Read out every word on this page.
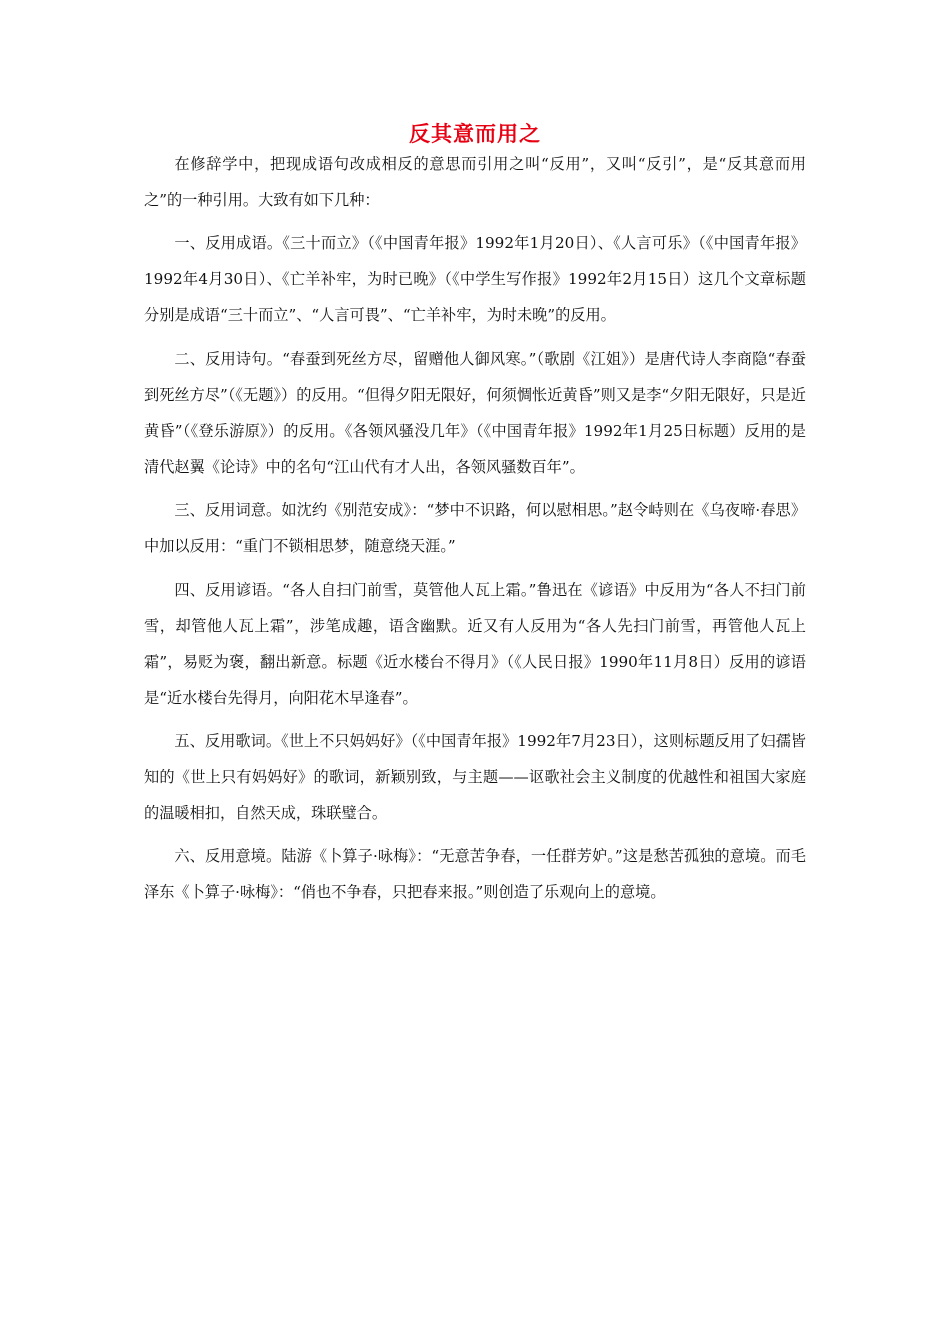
反其意而用之

在修辞学中，把现成语句改成相反的意思而引用之叫“反用”，又叫“反引”，是“反其意而用之”的一种引用。大致有如下几种：

一、反用成语。《三十而立》（《中国青年报》1992年1月20日）、《人言可乐》（《中国青年报》1992年4月30日）、《亡羊补牢，为时已晚》（《中学生写作报》1992年2月15日）这几个文章标题分别是成语“三十而立”、“人言可畏”、“亡羊补牢，为时未晚”的反用。

二、反用诗句。“春蚕到死丝方尽，留赠他人御风寒。”（歌剧《江姐》）是唐代诗人李商隐“春蚕到死丝方尽”（《无题》）的反用。“但得夕阳无限好，何须惆怅近黄昏”则又是李“夕阳无限好，只是近黄昏”（《登乐游原》）的反用。《各领风骚没几年》（《中国青年报》1992年1月25日标题）反用的是清代赵翼《论诗》中的名句“江山代有才人出，各领风骚数百年”。

三、反用词意。如沈约《别范安成》：“梦中不识路，何以慰相思。”赵令峙则在《乌夜啼·春思》中加以反用：“重门不锁相思梦，随意绕天涯。”

四、反用谚语。“各人自扫门前雪，莫管他人瓦上霜。”鲁迅在《谚语》中反用为“各人不扫门前雪，却管他人瓦上霜”，涉笔成趣，语含幽默。近又有人反用为“各人先扫门前雪，再管他人瓦上霜”，易贬为褒，翻出新意。标题《近水楼台不得月》（《人民日报》1990年11月8日）反用的谚语是“近水楼台先得月，向阳花木早逢春”。

五、反用歌词。《世上不只妈妈好》（《中国青年报》1992年7月23日），这则标题反用了妇孺皆知的《世上只有妈妈好》的歌词，新颖别致，与主题——讴歌社会主义制度的优越性和祖国大家庭的温暖相扣，自然天成，珠联璧合。

六、反用意境。陆游《卜算子·咏梅》：“无意苦争春，一任群芳妒。”这是愁苦孤独的意境。而毛泽东《卜算子·咏梅》：“俏也不争春，只把春来报。”则创造了乐观向上的意境。
